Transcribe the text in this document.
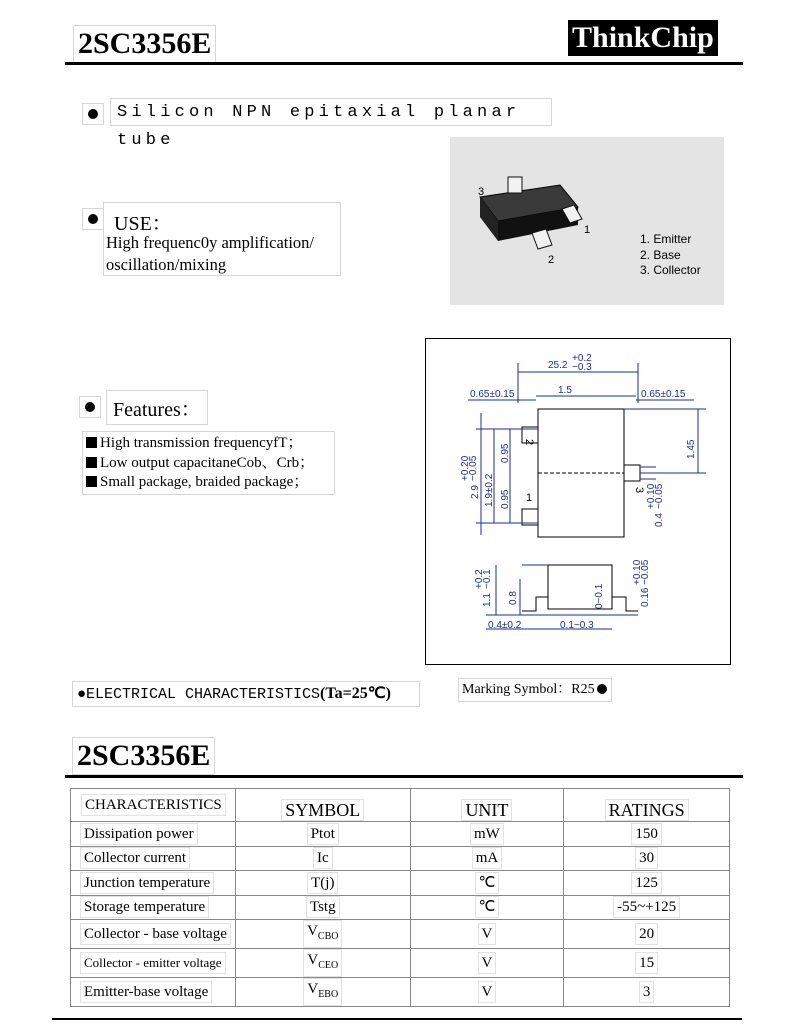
2SC3356E	ThinkChip
Silicon NPN epitaxial planar tube
USE：
High frequenc0y amplification/
oscillation/mixing
3
1
2
1. Emitter
2. Base
3. Collector
25.2
+0.2
−0.3
1.5
0.65±0.15	0.65±0.15
1
2
3
1.45
2.9
+0.20
−0.05
1.9±0.2
0.95
0.95
0.4
+0.10
−0.05
1.1
+0.2
−0.1
0.8	0~0.1	0.16
+0.10
−0.05
0.4±0.2	0.1~0.3
Features：
High transmission frequencyfT；
Low output capacitaneCob、Crb；
Small package, braided package；
●ELECTRICAL CHARACTERISTICS(Ta=25℃)	Marking Symbol：R25
2SC3356E
CHARACTERISTICS	SYMBOL	UNIT	RATINGS
Dissipation power	Ptot	mW	150
Collector current	Ic	mA	30
Junction temperature	T(j)	℃	125
Storage temperature	Tstg	℃	-55~+125
Collector - base voltage	$V_{CBO}$	V	20
Collector - emitter voltage	$V_{CEO}$	V	15
Emitter-base voltage	$V_{EBO}$	V	3
